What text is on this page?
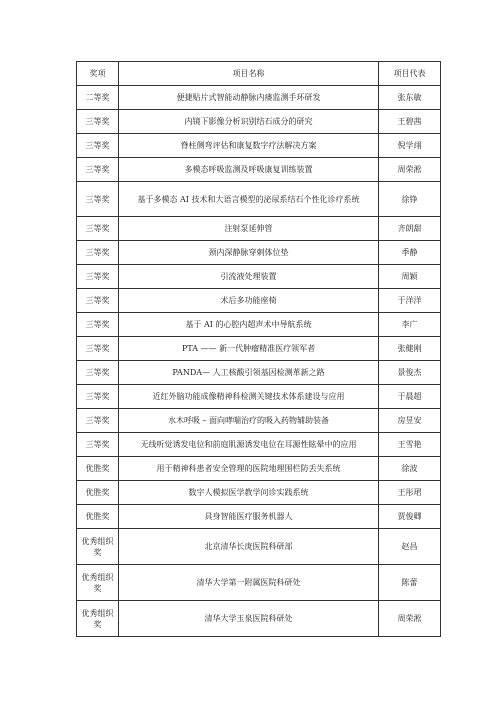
奖项	项目名称	项目代表
二等奖	便捷贴片式智能动静脉内瘘监测手环研发	张东敏
三等奖	内镜下影像分析识别结石成分的研究	王碧茜
三等奖	脊柱侧弯评估和康复数字疗法解决方案	倪学翊
三等奖	多模态呼吸监测及呼吸康复训练装置	周荣淞
三等奖	基于多模态 AI 技术和大语言模型的泌尿系结石个性化诊疗系统	徐铮
三等奖	注射泵延伸管	齐朗甜
三等奖	颈内深静脉穿刺体位垫	季静
三等奖	引流液处理装置	周颖
三等奖	术后多功能座椅	于洋洋
三等奖	基于 AI 的心腔内超声术中导航系统	李广
三等奖	PTA —— 新一代肿瘤精准医疗领军者	张健刚
三等奖	PANDA— 人工核酸引领基因检测革新之路	景俊杰
三等奖	近红外脑功能成像精神科检测关键技术体系建设与应用	于晨超
三等奖	水木呼吸 – 面向哮喘治疗的吸入药物辅助装备	房昱安
三等奖	无线听觉诱发电位和前庭肌源诱发电位在耳源性眩晕中的应用	王雪艳
优胜奖	用于精神科患者安全管理的医院地理围栏防丢失系统	徐波
优胜奖	数字人模拟医学教学问诊实践系统	王彤珺
优胜奖	具身智能医疗服务机器人	贾俊卿
优秀组织奖	北京清华长庚医院科研部	赵昌
优秀组织奖	清华大学第一附属医院科研处	陈蕾
优秀组织奖	清华大学玉泉医院科研处	周荣淞
